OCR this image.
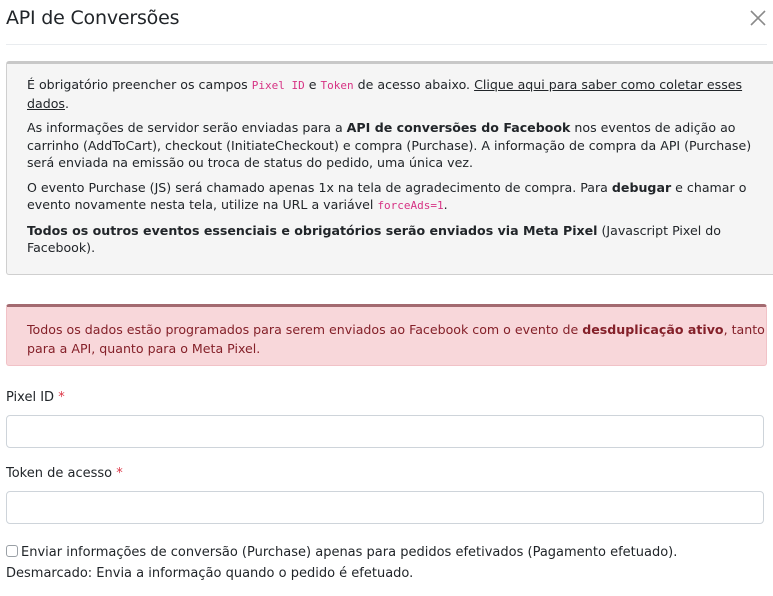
API de Conversões

É obrigatório preencher os campos Pixel ID e Token de acesso abaixo. Clique aqui para saber como coletar esses dados.

As informações de servidor serão enviadas para a API de conversões do Facebook nos eventos de adição ao carrinho (AddToCart), checkout (InitiateCheckout) e compra (Purchase). A informação de compra da API (Purchase) será enviada na emissão ou troca de status do pedido, uma única vez.

O evento Purchase (JS) será chamado apenas 1x na tela de agradecimento de compra. Para debugar e chamar o evento novamente nesta tela, utilize na URL a variável forceAds=1.

Todos os outros eventos essenciais e obrigatórios serão enviados via Meta Pixel (Javascript Pixel do Facebook).

Todos os dados estão programados para serem enviados ao Facebook com o evento de desduplicação ativo, tanto para a API, quanto para o Meta Pixel.

Pixel ID *
Token de acesso *
Enviar informações de conversão (Purchase) apenas para pedidos efetivados (Pagamento efetuado).
Desmarcado: Envia a informação quando o pedido é efetuado.
